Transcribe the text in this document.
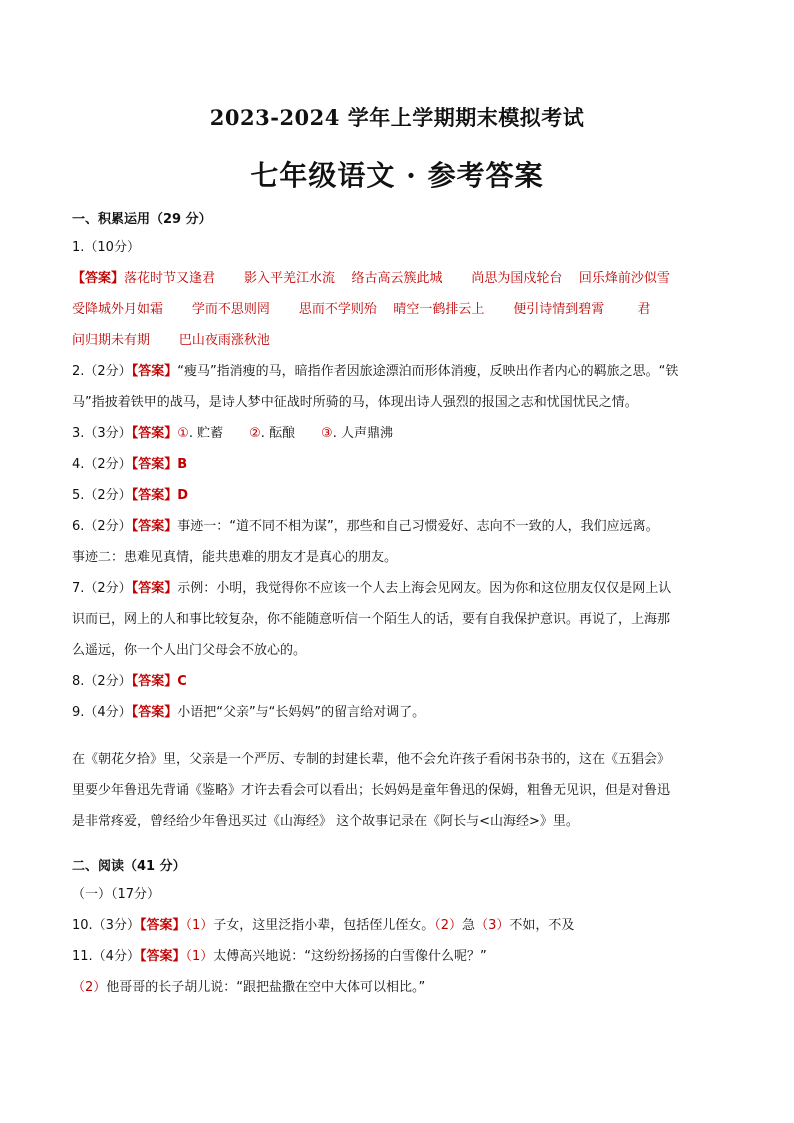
2023-2024 学年上学期期末模拟考试
七年级语文 · 参考答案
一、积累运用（29 分）
1.（10分）
【答案】落花时节又逢君       影入平羌江水流    络古高云簇此城       尚思为国戍轮台    回乐烽前沙似雪
受降城外月如霜       学而不思则罔       思而不学则殆    晴空一鹤排云上       便引诗情到碧霄        君
问归期未有期       巴山夜雨涨秋池
2.（2分）【答案】“瘦马”指消瘦的马，暗指作者因旅途漂泊而形体消瘦，反映出作者内心的羁旅之思。“铁
马”指披着铁甲的战马，是诗人梦中征战时所骑的马，体现出诗人强烈的报国之志和忧国忧民之情。
3.（3分）【答案】①. 贮蓄 ②. 酝酿 ③. 人声鼎沸
4.（2分）【答案】B
5.（2分）【答案】D
6.（2分）【答案】事迹一：“道不同不相为谋”，那些和自己习惯爱好、志向不一致的人，我们应远离。
事迹二：患难见真情，能共患难的朋友才是真心的朋友。
7.（2分）【答案】示例：小明，我觉得你不应该一个人去上海会见网友。因为你和这位朋友仅仅是网上认
识而已，网上的人和事比较复杂，你不能随意听信一个陌生人的话，要有自我保护意识。再说了，上海那
么遥远，你一个人出门父母会不放心的。
8.（2分）【答案】C
9.（4分）【答案】小语把“父亲”与“长妈妈”的留言给对调了。
在《朝花夕拾》里，父亲是一个严厉、专制的封建长辈，他不会允许孩子看闲书杂书的，这在《五猖会》
里要少年鲁迅先背诵《鉴略》才许去看会可以看出；长妈妈是童年鲁迅的保姆，粗鲁无见识，但是对鲁迅
是非常疼爱，曾经给少年鲁迅买过《山海经》 这个故事记录在《阿长与<山海经>》里。
二、阅读（41 分）
（一）（17分）
10.（3分）【答案】（1）子女，这里泛指小辈，包括侄儿侄女。（2）急（3）不如，不及
11.（4分）【答案】（1）太傅高兴地说：“这纷纷扬扬的白雪像什么呢？”
（2）他哥哥的长子胡儿说：“跟把盐撒在空中大体可以相比。”
